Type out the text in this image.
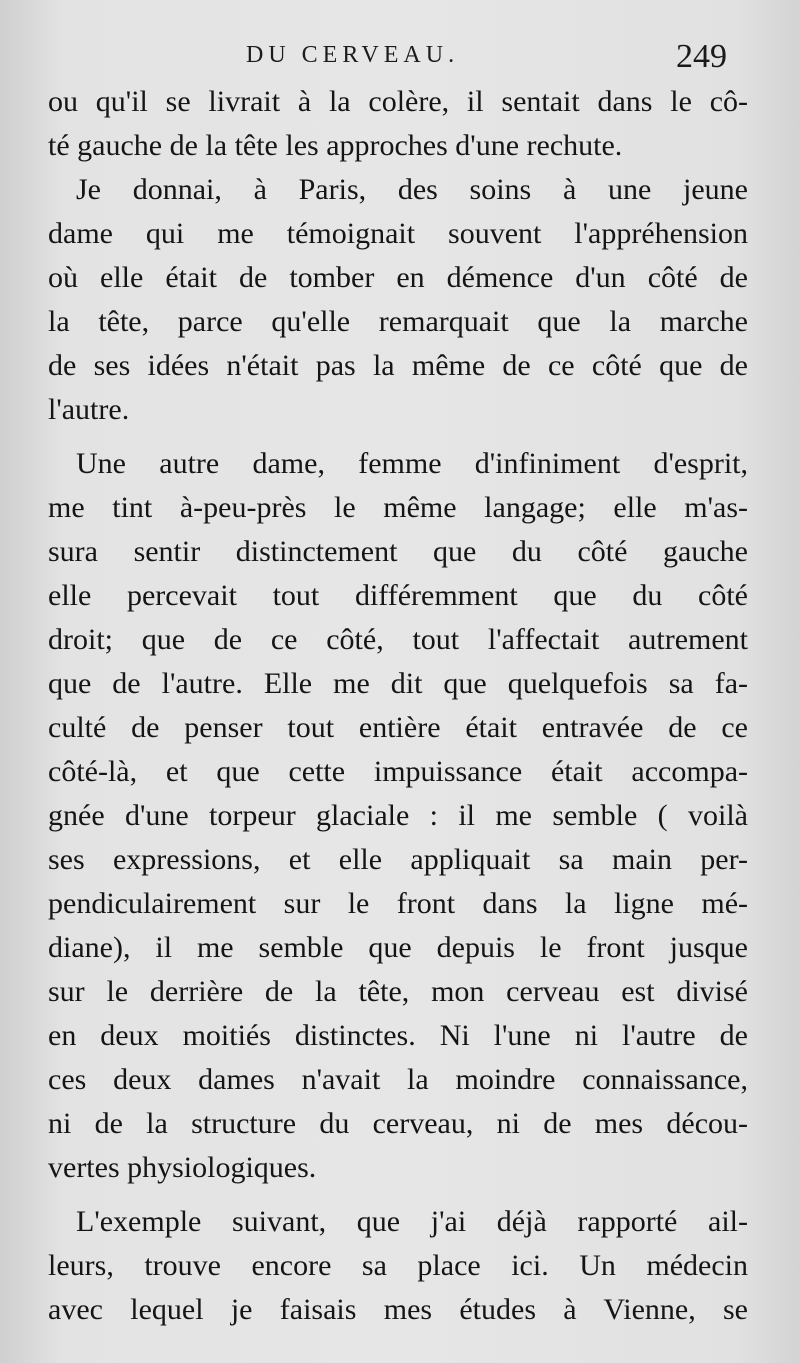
DU CERVEAU.	249
ou qu'il se livrait à la colère, il sentait dans le cô-
té gauche de la tête les approches d'une rechute.
Je donnai, à Paris, des soins à une jeune
dame qui me témoignait souvent l'appréhension
où elle était de tomber en démence d'un côté de
la tête, parce qu'elle remarquait que la marche
de ses idées n'était pas la même de ce côté que de
l'autre.
Une autre dame, femme d'infiniment d'esprit,
me tint à-peu-près le même langage; elle m'as-
sura sentir distinctement que du côté gauche
elle percevait tout différemment que du côté
droit; que de ce côté, tout l'affectait autrement
que de l'autre. Elle me dit que quelquefois sa fa-
culté de penser tout entière était entravée de ce
côté-là, et que cette impuissance était accompa-
gnée d'une torpeur glaciale : il me semble ( voilà
ses expressions, et elle appliquait sa main per-
pendiculairement sur le front dans la ligne mé-
diane), il me semble que depuis le front jusque
sur le derrière de la tête, mon cerveau est divisé
en deux moitiés distinctes. Ni l'une ni l'autre de
ces deux dames n'avait la moindre connaissance,
ni de la structure du cerveau, ni de mes décou-
vertes physiologiques.
L'exemple suivant, que j'ai déjà rapporté ail-
leurs, trouve encore sa place ici. Un médecin
avec lequel je faisais mes études à Vienne, se
